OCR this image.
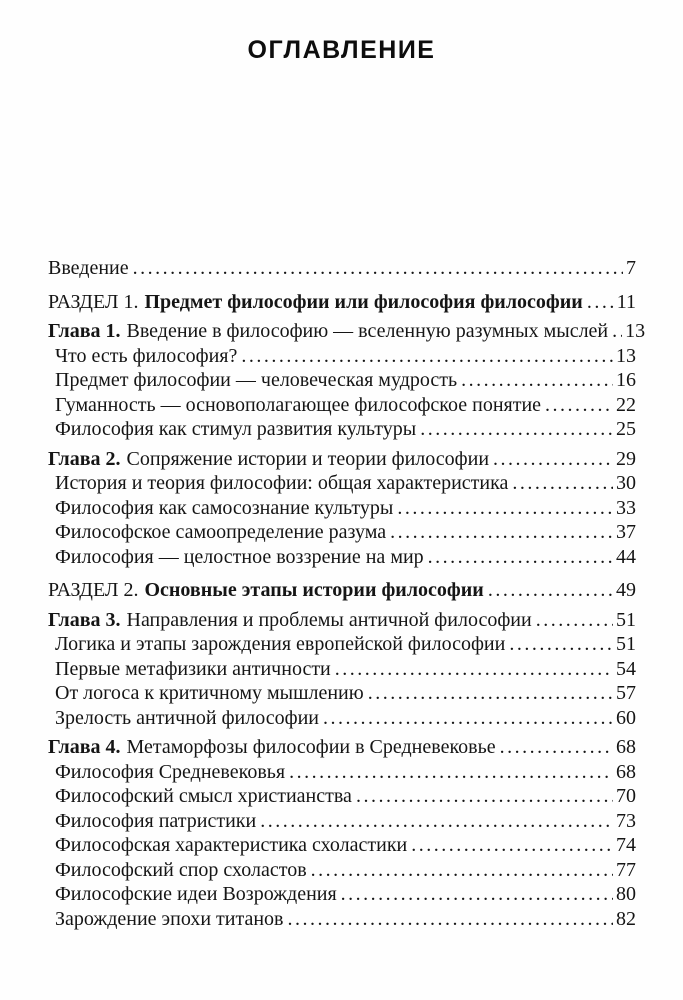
ОГЛАВЛЕНИЕ
Введение .....	7
РАЗДЕЛ 1. Предмет философии или философия философии ..... 11
Глава 1. Введение в философию — вселенную разумных мыслей ..... 13
Что есть философия? .....	13
Предмет философии — человеческая мудрость .....	16
Гуманность — основополагающее философское понятие .....	22
Философия как стимул развития культуры .....	25
Глава 2. Сопряжение истории и теории философии .....	29
История и теория философии: общая характеристика .....	30
Философия как самосознание культуры .....	33
Философское самоопределение разума .....	37
Философия — целостное воззрение на мир .....	44
РАЗДЕЛ 2. Основные этапы истории философии .....	49
Глава 3. Направления и проблемы античной философии .....	51
Логика и этапы зарождения европейской философии .....	51
Первые метафизики античности .....	54
От логоса к критичному мышлению .....	57
Зрелость античной философии .....	60
Глава 4. Метаморфозы философии в Средневековье .....	68
Философия Средневековья .....	68
Философский смысл христианства .....	70
Философия патристики .....	73
Философская характеристика схоластики .....	74
Философский спор схоластов .....	77
Философские идеи Возрождения .....	80
Зарождение эпохи титанов .....	82
